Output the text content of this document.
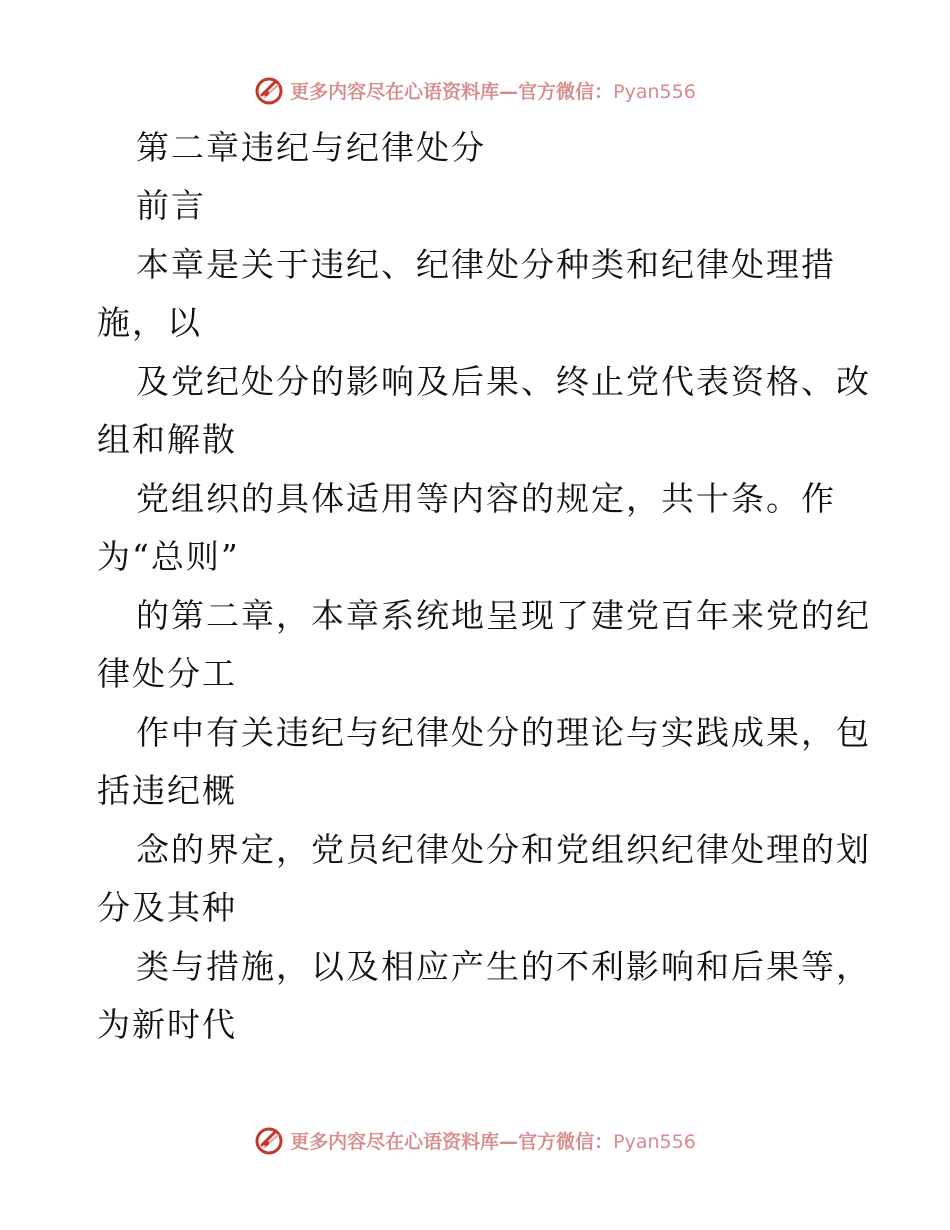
更多内容尽在心语资料库—官方微信：Pyan556
第二章违纪与纪律处分
前言
本章是关于违纪、纪律处分种类和纪律处理措
施，以
及党纪处分的影响及后果、终止党代表资格、改
组和解散
党组织的具体适用等内容的规定，共十条。作
为“总则”
的第二章，本章系统地呈现了建党百年来党的纪
律处分工
作中有关违纪与纪律处分的理论与实践成果，包
括违纪概
念的界定，党员纪律处分和党组织纪律处理的划
分及其种
类与措施，以及相应产生的不利影响和后果等，
为新时代
更多内容尽在心语资料库—官方微信：Pyan556
